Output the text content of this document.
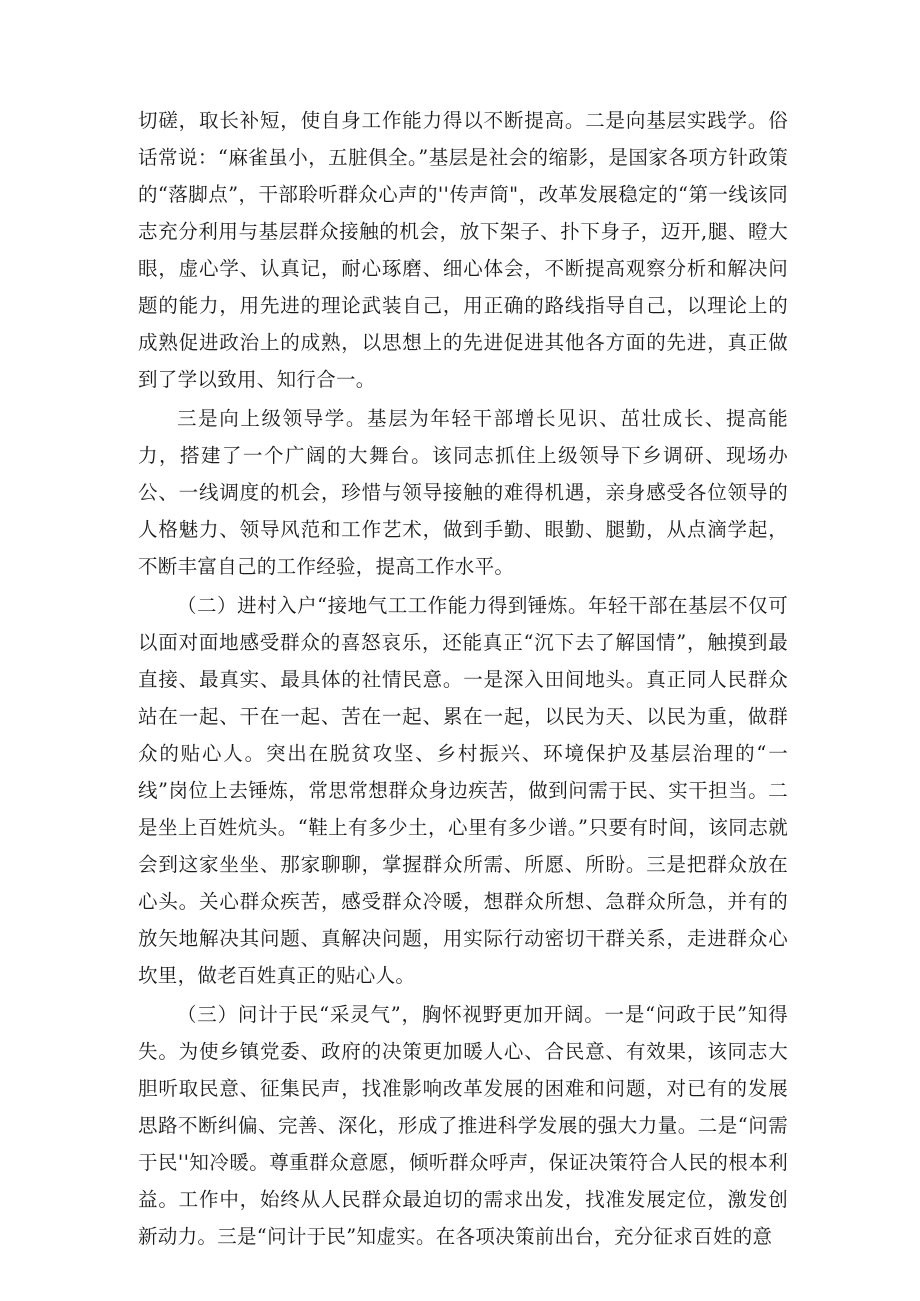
切磋，取长补短，使自身工作能力得以不断提高。二是向基层实践学。俗话常说：“麻雀虽小，五脏俱全。”基层是社会的缩影，是国家各项方针政策的“落脚点”，干部聆听群众心声的''传声筒"，改革发展稳定的“第一线该同志充分利用与基层群众接触的机会，放下架子、扑下身子，迈开,腿、瞪大眼，虚心学、认真记，耐心琢磨、细心体会，不断提高观察分析和解决问题的能力，用先进的理论武装自己，用正确的路线指导自己，以理论上的成熟促进政治上的成熟，以思想上的先进促进其他各方面的先进，真正做到了学以致用、知行合一。

三是向上级领导学。基层为年轻干部增长见识、茁壮成长、提高能力，搭建了一个广阔的大舞台。该同志抓住上级领导下乡调研、现场办公、一线调度的机会，珍惜与领导接触的难得机遇，亲身感受各位领导的人格魅力、领导风范和工作艺术，做到手勤、眼勤、腿勤，从点滴学起，不断丰富自己的工作经验，提高工作水平。

（二）进村入户“接地气工工作能力得到锤炼。年轻干部在基层不仅可以面对面地感受群众的喜怒哀乐，还能真正“沉下去了解国情”，触摸到最直接、最真实、最具体的社情民意。一是深入田间地头。真正同人民群众站在一起、干在一起、苦在一起、累在一起，以民为天、以民为重，做群众的贴心人。突出在脱贫攻坚、乡村振兴、环境保护及基层治理的“一线”岗位上去锤炼，常思常想群众身边疾苦，做到问需于民、实干担当。二是坐上百姓炕头。“鞋上有多少土，心里有多少谱。”只要有时间，该同志就会到这家坐坐、那家聊聊，掌握群众所需、所愿、所盼。三是把群众放在心头。关心群众疾苦，感受群众冷暖，想群众所想、急群众所急，并有的放矢地解决其问题、真解决问题，用实际行动密切干群关系，走进群众心坎里，做老百姓真正的贴心人。

（三）问计于民“采灵气”，胸怀视野更加开阔。一是“问政于民”知得失。为使乡镇党委、政府的决策更加暖人心、合民意、有效果，该同志大胆听取民意、征集民声，找准影响改革发展的困难和问题，对已有的发展思路不断纠偏、完善、深化，形成了推进科学发展的强大力量。二是“问需于民''知冷暖。尊重群众意愿，倾听群众呼声，保证决策符合人民的根本利益。工作中，始终从人民群众最迫切的需求出发，找准发展定位，激发创新动力。三是“问计于民”知虚实。在各项决策前出台，充分征求百姓的意
